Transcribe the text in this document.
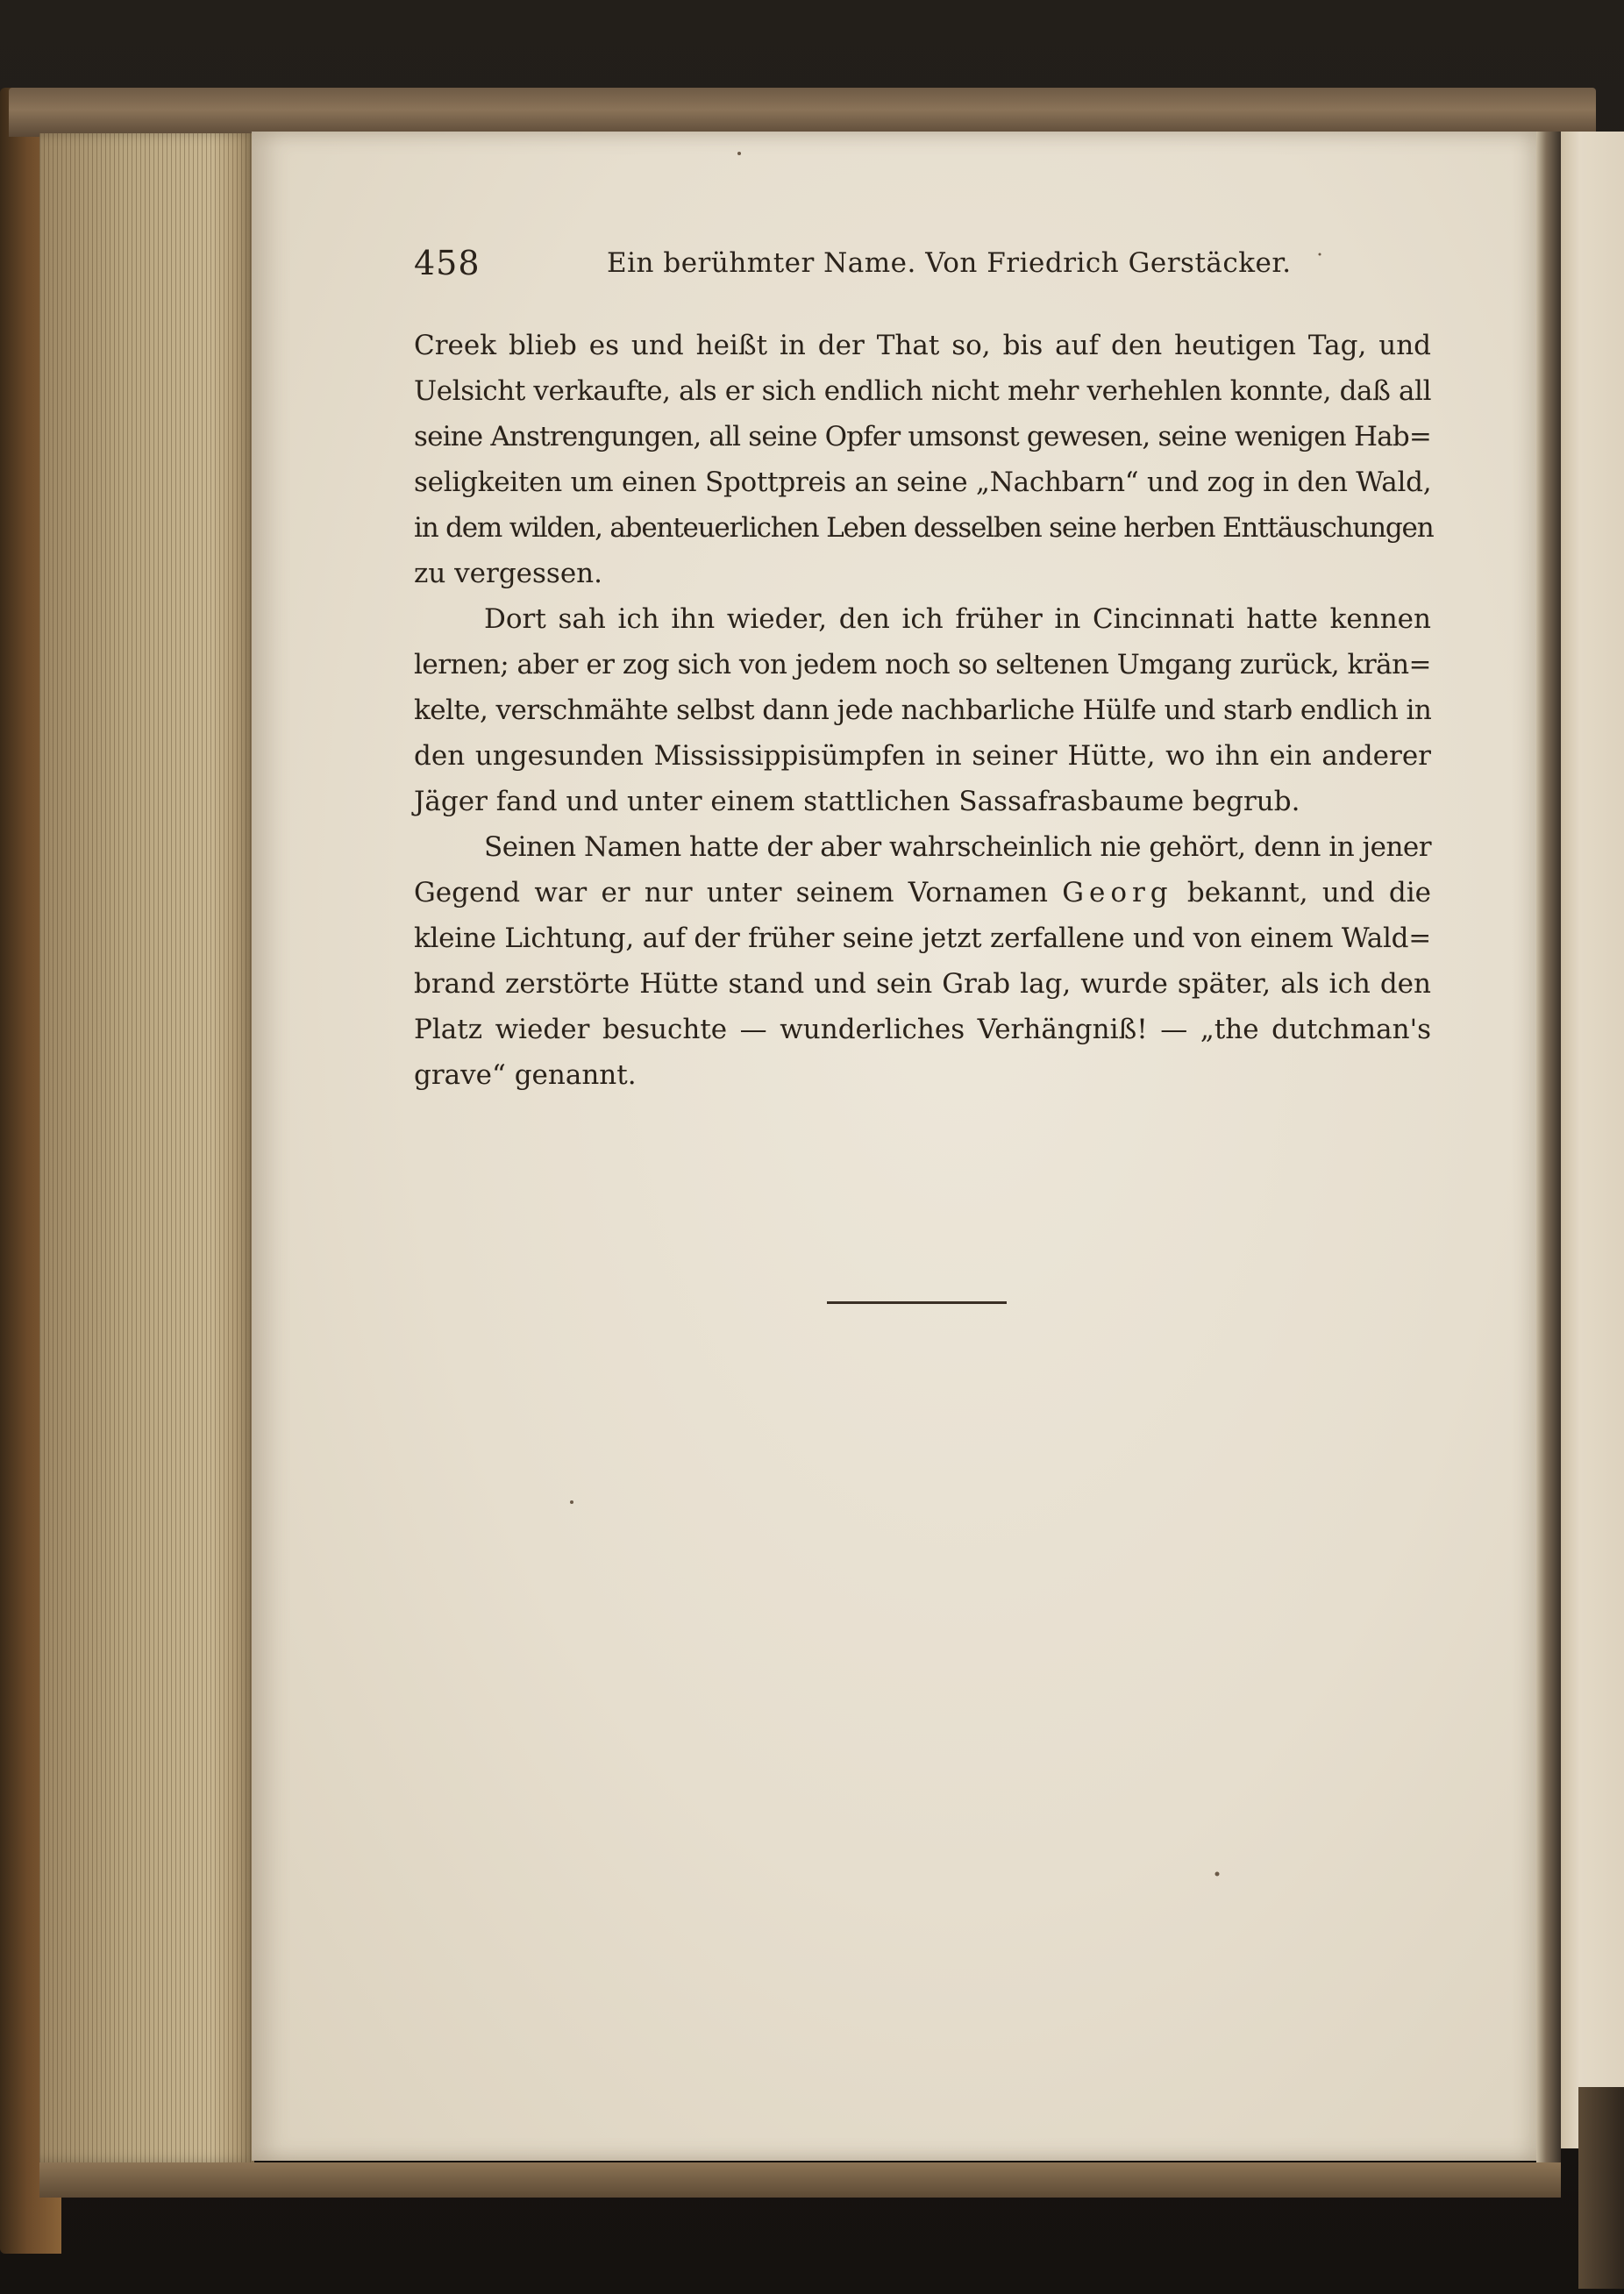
458	Ein berühmter Name. Von Friedrich Gerstäcker.
Creek blieb es und heißt in der That so, bis auf den heutigen Tag, und
Uelsicht verkaufte, als er sich endlich nicht mehr verhehlen konnte, daß all
seine Anstrengungen, all seine Opfer umsonst gewesen, seine wenigen Hab=
seligkeiten um einen Spottpreis an seine „Nachbarn“ und zog in den Wald,
in dem wilden, abenteuerlichen Leben desselben seine herben Enttäuschungen
zu vergessen.
Dort sah ich ihn wieder, den ich früher in Cincinnati hatte kennen
lernen; aber er zog sich von jedem noch so seltenen Umgang zurück, krän=
kelte, verschmähte selbst dann jede nachbarliche Hülfe und starb endlich in
den ungesunden Mississippisümpfen in seiner Hütte, wo ihn ein anderer
Jäger fand und unter einem stattlichen Sassafrasbaume begrub.
Seinen Namen hatte der aber wahrscheinlich nie gehört, denn in jener
Gegend war er nur unter seinem Vornamen Georg bekannt, und die
kleine Lichtung, auf der früher seine jetzt zerfallene und von einem Wald=
brand zerstörte Hütte stand und sein Grab lag, wurde später, als ich den
Platz wieder besuchte — wunderliches Verhängniß! — „the dutchman's
grave“ genannt.
